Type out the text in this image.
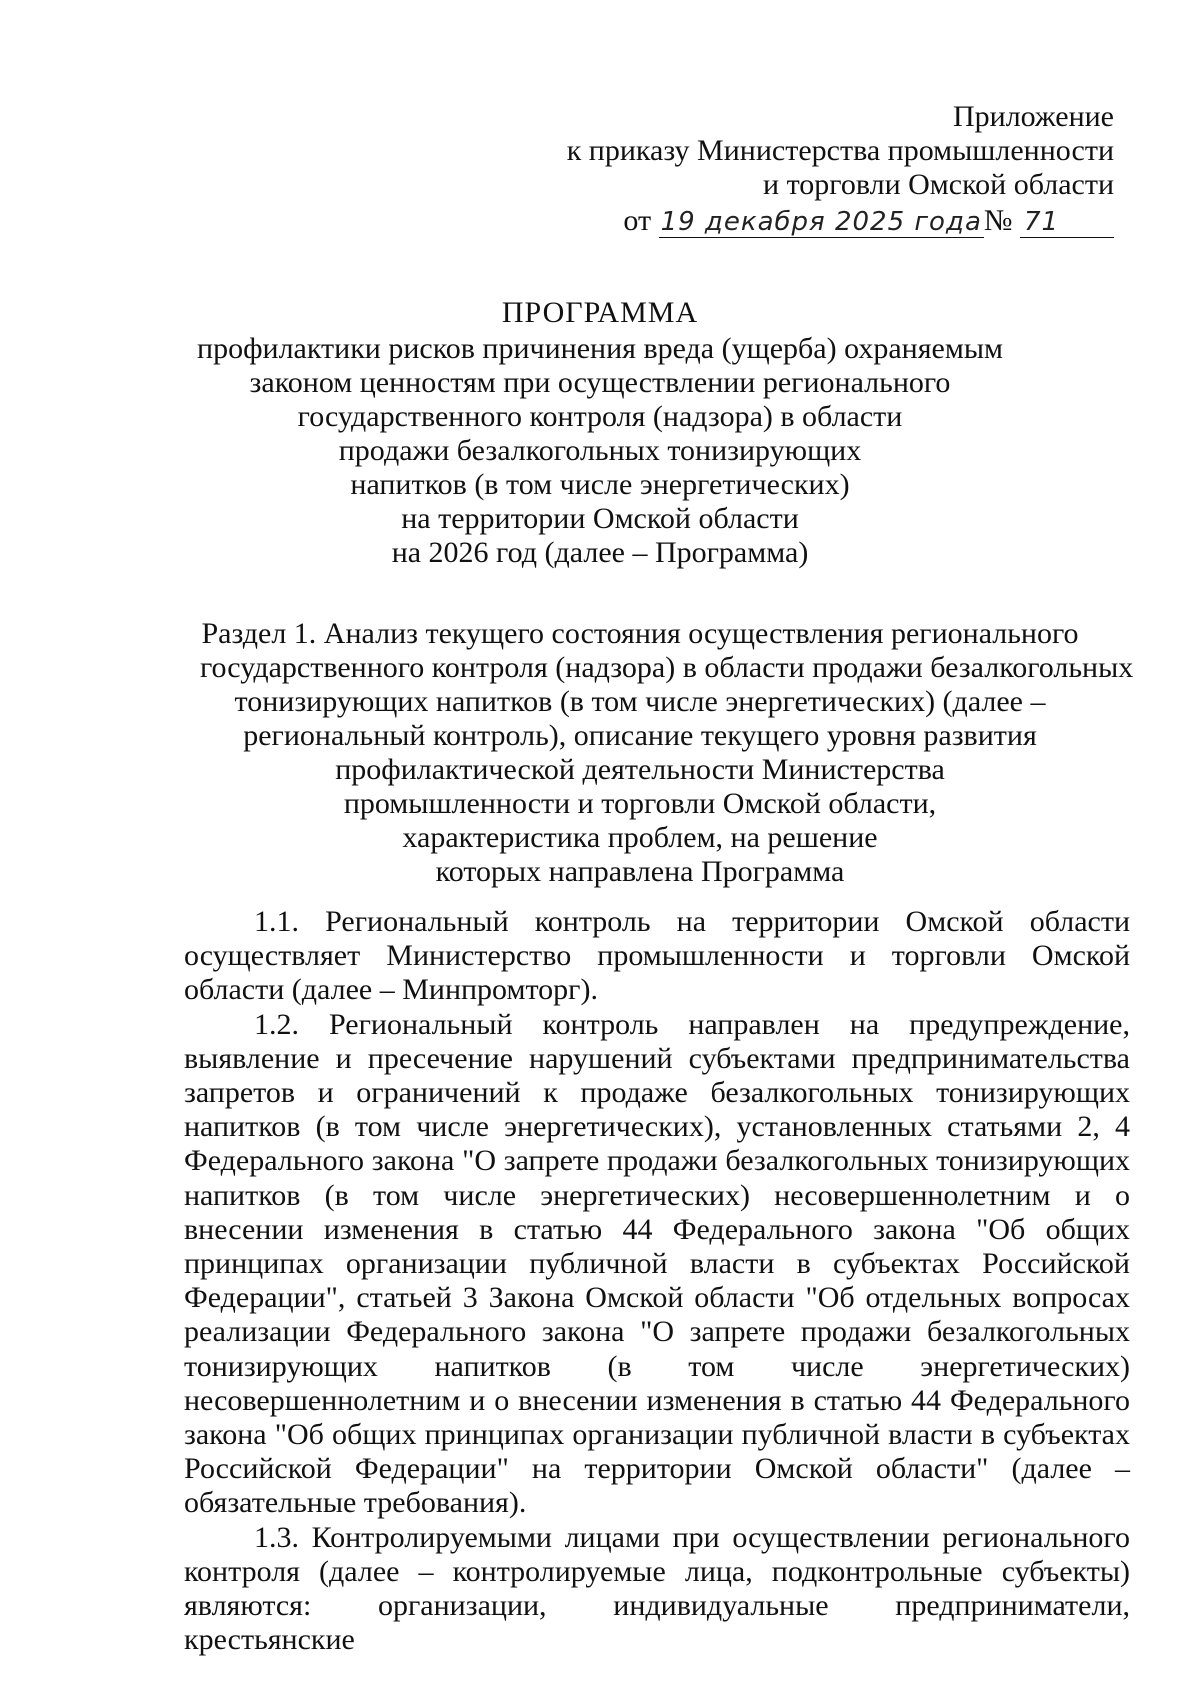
Приложение
к приказу Министерства промышленности
и торговли Омской области
от 19 декабря 2025 года№ 71
ПРОГРАММА
профилактики рисков причинения вреда (ущерба) охраняемым
законом ценностям при осуществлении регионального
государственного контроля (надзора) в области
продажи безалкогольных тонизирующих
напитков (в том числе энергетических)
на территории Омской области
на 2026 год (далее – Программа)
Раздел 1. Анализ текущего состояния осуществления регионального
государственного контроля (надзора) в области продажи безалкогольных
тонизирующих напитков (в том числе энергетических) (далее –
региональный контроль), описание текущего уровня развития
профилактической деятельности Министерства
промышленности и торговли Омской области,
характеристика проблем, на решение
которых направлена Программа

1.1. Региональный контроль на территории Омской области осуществляет Министерство промышленности и торговли Омской области (далее – Минпромторг).

1.2. Региональный контроль направлен на предупреждение, выявление и пресечение нарушений субъектами предпринимательства запретов и ограничений к продаже безалкогольных тонизирующих напитков (в том числе энергетических), установленных статьями 2, 4 Федерального закона "О запрете продажи безалкогольных тонизирующих напитков (в том числе энергетических) несовершеннолетним и о внесении изменения в статью 44 Федерального закона "Об общих принципах организации публичной власти в субъектах Российской Федерации", статьей 3 Закона Омской области "Об отдельных вопросах реализации Федерального закона "О запрете продажи безалкогольных тонизирующих напитков (в том числе энергетических) несовершеннолетним и о внесении изменения в статью 44 Федерального закона "Об общих принципах организации публичной власти в субъектах Российской Федерации" на территории Омской области" (далее – обязательные требования).

1.3. Контролируемыми лицами при осуществлении регионального контроля (далее – контролируемые лица, подконтрольные субъекты) являются: организации, индивидуальные предприниматели, крестьянские
